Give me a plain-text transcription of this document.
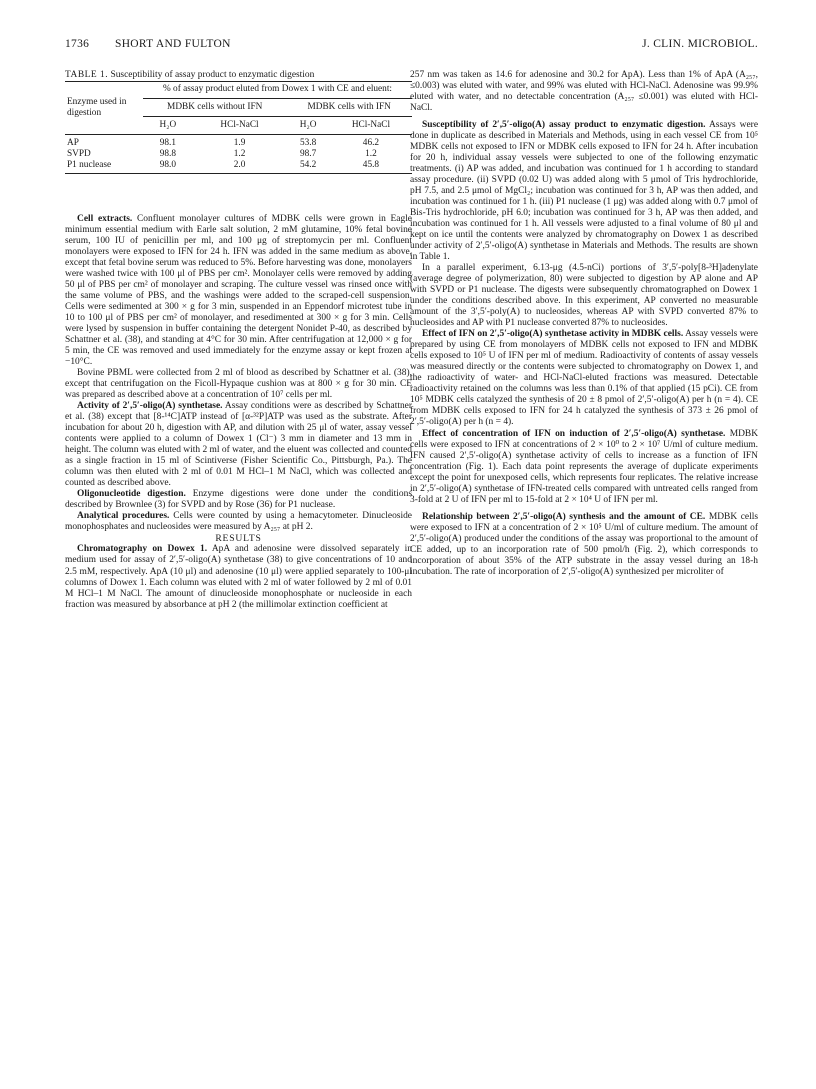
1736 SHORT AND FULTON	J. CLIN. MICROBIOL.

TABLE 1. Susceptibility of assay product to enzymatic digestion

Enzyme used in digestion	% of assay product eluted from Dowex 1 with CE and eluent:			
	MDBK cells without IFN		MDBK cells with IFN	
	H₂O	HCl-NaCl	H₂O	HCl-NaCl
AP	98.1	1.9	53.8	46.2
SVPD	98.8	1.2	98.7	1.2
P1 nuclease	98.0	2.0	54.2	45.8

Cell extracts. Confluent monolayer cultures of MDBK cells were grown in Eagle minimum essential medium with Earle salt solution, 2 mM glutamine, 10% fetal bovine serum, 100 IU of penicillin per ml, and 100 μg of streptomycin per ml. Confluent monolayers were exposed to IFN for 24 h. IFN was added in the same medium as above, except that fetal bovine serum was reduced to 5%. Before harvesting was done, monolayers were washed twice with 100 μl of PBS per cm². Monolayer cells were removed by adding 50 μl of PBS per cm² of monolayer and scraping. The culture vessel was rinsed once with the same volume of PBS, and the washings were added to the scraped-cell suspension. Cells were sedimented at 300 × g for 3 min, suspended in an Eppendorf microtest tube in 10 to 100 μl of PBS per cm² of monolayer, and resedimented at 300 × g for 3 min. Cells were lysed by suspension in buffer containing the detergent Nonidet P-40, as described by Schattner et al. (38), and standing at 4°C for 30 min. After centrifugation at 12,000 × g for 5 min, the CE was removed and used immediately for the enzyme assay or kept frozen at −10°C.

Bovine PBML were collected from 2 ml of blood as described by Schattner et al. (38), except that centrifugation on the Ficoll-Hypaque cushion was at 800 × g for 30 min. CE was prepared as described above at a concentration of 10⁷ cells per ml.

Activity of 2′,5′-oligo(A) synthetase. Assay conditions were as described by Schattner et al. (38) except that [8-¹⁴C]ATP instead of [α-³²P]ATP was used as the substrate. After incubation for about 20 h, digestion with AP, and dilution with 25 μl of water, assay vessel contents were applied to a column of Dowex 1 (Cl⁻) 3 mm in diameter and 13 mm in height. The column was eluted with 2 ml of water, and the eluent was collected and counted as a single fraction in 15 ml of Scintiverse (Fisher Scientific Co., Pittsburgh, Pa.). The column was then eluted with 2 ml of 0.01 M HCl–1 M NaCl, which was collected and counted as described above.

Oligonucleotide digestion. Enzyme digestions were done under the conditions described by Brownlee (3) for SVPD and by Rose (36) for P1 nuclease.

Analytical procedures. Cells were counted by using a hemacytometer. Dinucleoside monophosphates and nucleosides were measured by A₂₅₇ at pH 2.

RESULTS

Chromatography on Dowex 1. ApA and adenosine were dissolved separately in medium used for assay of 2′,5′-oligo(A) synthetase (38) to give concentrations of 10 and 2.5 mM, respectively. ApA (10 μl) and adenosine (10 μl) were applied separately to 100-μl columns of Dowex 1. Each column was eluted with 2 ml of water followed by 2 ml of 0.01 M HCl–1 M NaCl. The amount of dinucleoside monophosphate or nucleoside in each fraction was measured by absorbance at pH 2 (the millimolar extinction coefficient at

257 nm was taken as 14.6 for adenosine and 30.2 for ApA). Less than 1% of ApA (A₂₅₇, ≤0.003) was eluted with water, and 99% was eluted with HCl-NaCl. Adenosine was 99.9% eluted with water, and no detectable concentration (A₂₅₇ ≤0.001) was eluted with HCl-NaCl.

Susceptibility of 2′,5′-oligo(A) assay product to enzymatic digestion. Assays were done in duplicate as described in Materials and Methods, using in each vessel CE from 10⁵ MDBK cells not exposed to IFN or MDBK cells exposed to IFN for 24 h. After incubation for 20 h, individual assay vessels were subjected to one of the following enzymatic treatments. (i) AP was added, and incubation was continued for 1 h according to standard assay procedure. (ii) SVPD (0.02 U) was added along with 5 μmol of Tris hydrochloride, pH 7.5, and 2.5 μmol of MgCl₂; incubation was continued for 3 h, AP was then added, and incubation was continued for 1 h. (iii) P1 nuclease (1 μg) was added along with 0.7 μmol of Bis-Tris hydrochloride, pH 6.0; incubation was continued for 3 h, AP was then added, and incubation was continued for 1 h. All vessels were adjusted to a final volume of 80 μl and kept on ice until the contents were analyzed by chromatography on Dowex 1 as described under activity of 2′,5′-oligo(A) synthetase in Materials and Methods. The results are shown in Table 1.

In a parallel experiment, 6.13-μg (4.5-nCi) portions of 3′,5′-poly[8-³H]adenylate (average degree of polymerization, 80) were subjected to digestion by AP alone and AP with SVPD or P1 nuclease. The digests were subsequently chromatographed on Dowex 1 under the conditions described above. In this experiment, AP converted no measurable amount of the 3′,5′-poly(A) to nucleosides, whereas AP with SVPD converted 87% to nucleosides and AP with P1 nuclease converted 87% to nucleosides.

Effect of IFN on 2′,5′-oligo(A) synthetase activity in MDBK cells. Assay vessels were prepared by using CE from monolayers of MDBK cells not exposed to IFN and MDBK cells exposed to 10⁵ U of IFN per ml of medium. Radioactivity of contents of assay vessels was measured directly or the contents were subjected to chromatography on Dowex 1, and the radioactivity of water- and HCl-NaCl-eluted fractions was measured. Detectable radioactivity retained on the columns was less than 0.1% of that applied (15 pCi). CE from 10⁵ MDBK cells catalyzed the synthesis of 20 ± 8 pmol of 2′,5′-oligo(A) per h (n = 4). CE from MDBK cells exposed to IFN for 24 h catalyzed the synthesis of 373 ± 26 pmol of 2′,5′-oligo(A) per h (n = 4).

Effect of concentration of IFN on induction of 2′,5′-oligo(A) synthetase. MDBK cells were exposed to IFN at concentrations of 2 × 10⁰ to 2 × 10⁷ U/ml of culture medium. IFN caused 2′,5′-oligo(A) synthetase activity of cells to increase as a function of IFN concentration (Fig. 1). Each data point represents the average of duplicate experiments except the point for unexposed cells, which represents four replicates. The relative increase in 2′,5′-oligo(A) synthetase of IFN-treated cells compared with untreated cells ranged from 3-fold at 2 U of IFN per ml to 15-fold at 2 × 10⁴ U of IFN per ml.

Relationship between 2′,5′-oligo(A) synthesis and the amount of CE. MDBK cells were exposed to IFN at a concentration of 2 × 10⁵ U/ml of culture medium. The amount of 2′,5′-oligo(A) produced under the conditions of the assay was proportional to the amount of CE added, up to an incorporation rate of 500 pmol/h (Fig. 2), which corresponds to incorporation of about 35% of the ATP substrate in the assay vessel during an 18-h incubation. The rate of incorporation of 2′,5′-oligo(A) synthesized per microliter of
